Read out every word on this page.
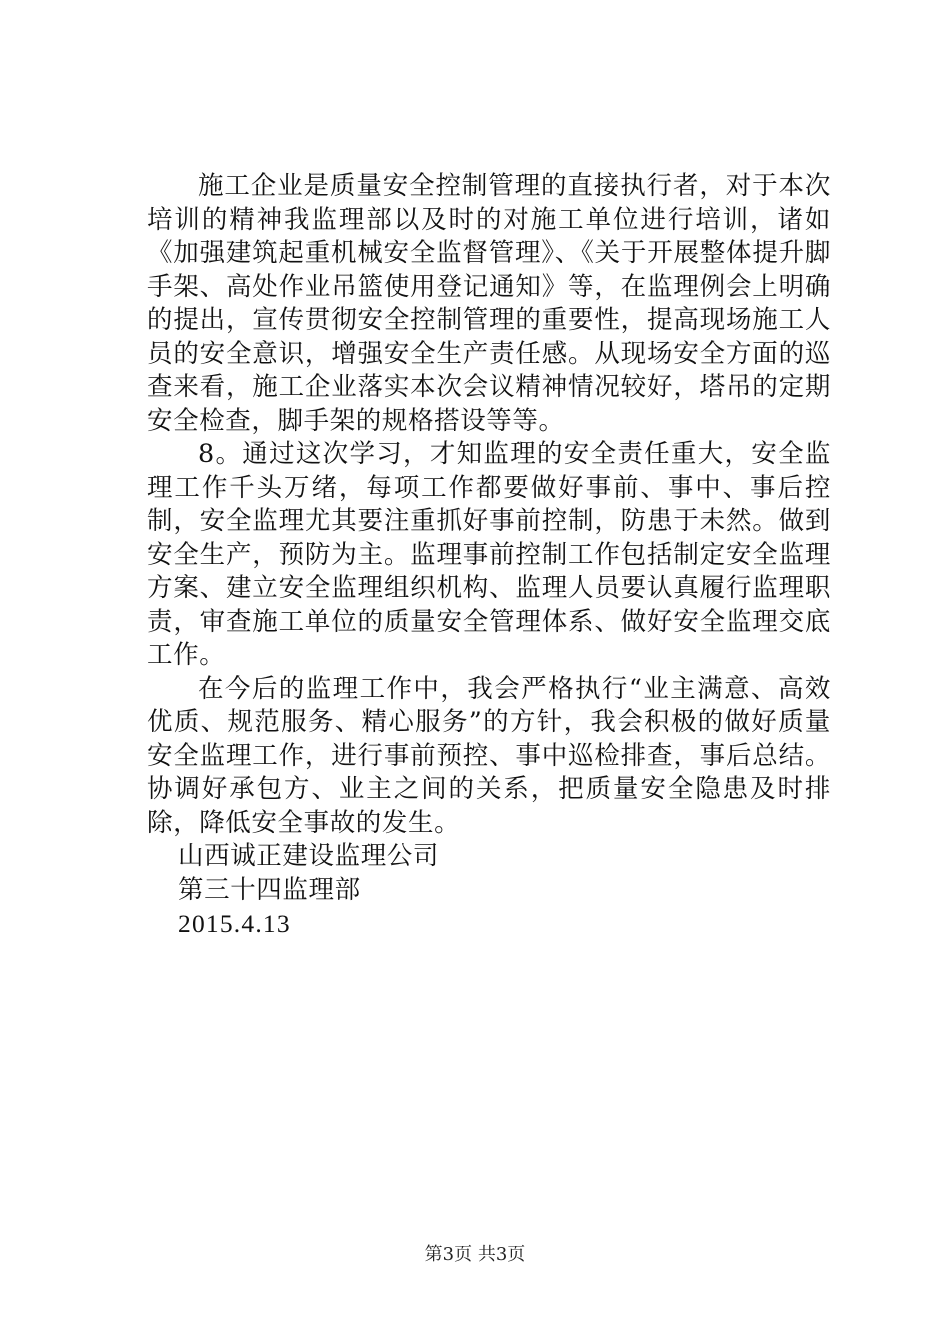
施工企业是质量安全控制管理的直接执行者，对于本次培训的精神我监理部以及时的对施工单位进行培训，诸如《加强建筑起重机械安全监督管理》、《关于开展整体提升脚手架、高处作业吊篮使用登记通知》等，在监理例会上明确的提出，宣传贯彻安全控制管理的重要性，提高现场施工人员的安全意识，增强安全生产责任感。从现场安全方面的巡查来看，施工企业落实本次会议精神情况较好，塔吊的定期安全检查，脚手架的规格搭设等等。

8。通过这次学习，才知监理的安全责任重大，安全监理工作千头万绪，每项工作都要做好事前、事中、事后控制，安全监理尤其要注重抓好事前控制，防患于未然。做到安全生产，预防为主。监理事前控制工作包括制定安全监理方案、建立安全监理组织机构、监理人员要认真履行监理职责，审查施工单位的质量安全管理体系、做好安全监理交底工作。

在今后的监理工作中，我会严格执行“业主满意、高效优质、规范服务、精心服务”的方针，我会积极的做好质量安全监理工作，进行事前预控、事中巡检排查，事后总结。协调好承包方、业主之间的关系，把质量安全隐患及时排除，降低安全事故的发生。

山西诚正建设监理公司

第三十四监理部

2015.4.13

第3页 共3页
